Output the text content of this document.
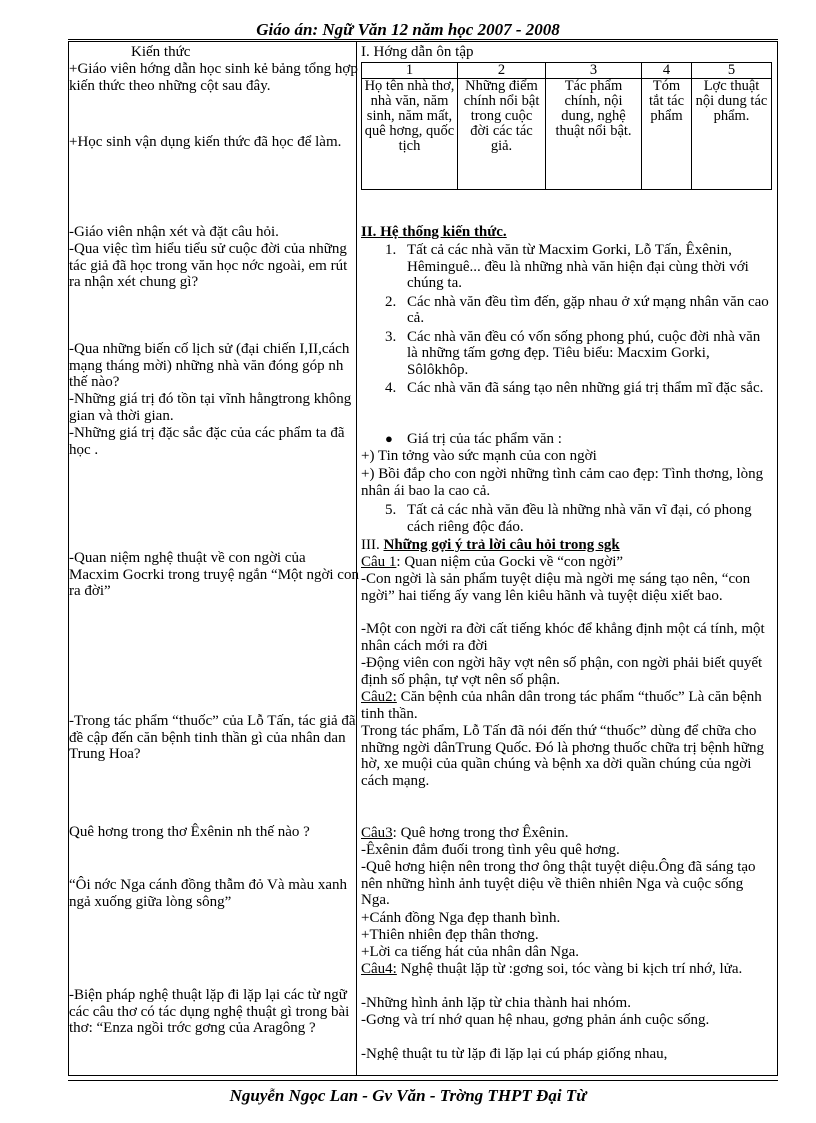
Giáo án: Ngữ Văn 12 năm học 2007 - 2008
Kiến thức
+Giáo viên hớng dẫn học sinh kẻ bảng tổng hợp kiến thức theo những cột sau đây.
+Học sinh vận dụng kiến thức đã học để làm.
-Giáo viên nhận xét và đặt câu hỏi.
-Qua việc tìm hiểu tiểu sử cuộc đời của những tác giả đã học trong văn học nớc ngoài, em rút ra nhận xét chung gì?
-Qua những biến cố lịch sử (đại chiến I,II,cách mạng tháng mời) những nhà văn đóng góp nh thế nào?
-Những giá trị đó tồn tại vĩnh hằngtrong không gian và thời gian.
-Những giá trị đặc sắc đặc của các phẩm ta đã học .
-Quan niệm nghệ thuật về con ngời của Macxim Gocrki trong truyệ ngắn “Một ngời con ra đời”
-Trong tác phẩm “thuốc” của Lỗ Tấn, tác giả đã đề cập đến căn bệnh tinh thần gì của nhân dan Trung Hoa?
Quê hơng trong thơ Êxênin nh thế nào ?
“Ôi nớc Nga cánh đồng thẫm đỏ Và màu xanh ngả xuống giữa lòng sông”
-Biện pháp nghệ thuật lặp đi lặp lại các từ ngữ các câu thơ có tác dụng nghệ thuật gì trong bài thơ: “Enza ngồi trớc gơng của Aragông ?
I. Hớng dẫn ôn tập
1	2	3	4	5
Họ tên nhà thơ, nhà văn, năm sinh, năm mất, quê hơng, quốc tịch	Những điểm chính nổi bật trong cuộc đời các tác giả.	Tác phẩm chính, nội dung, nghệ thuật nổi bật.	Tóm tắt tác phẩm	Lợc thuật nội dung tác phẩm.
II. Hệ thống kiến thức.
1. Tất cả các nhà văn từ Macxim Gorki, Lỗ Tấn, Êxênin, Hêminguê... đều là những nhà văn hiện đại cùng thời với chúng ta.
2. Các nhà văn đều tìm đến, gặp nhau ở xứ mạng nhân văn cao cả.
3. Các nhà văn đều có vốn sống phong phú, cuộc đời nhà văn là những tấm gơng đẹp. Tiêu biểu: Macxim Gorki, Sôlôkhôp.
4. Các nhà văn đã sáng tạo nên những giá trị thẩm mĩ đặc sắc.
● Giá trị của tác phẩm văn :
+) Tin tởng vào sức mạnh của con ngời
+) Bồi đắp cho con ngời những tình cảm cao đẹp: Tình thơng, lòng nhân ái bao la cao cả.
5. Tất cả các nhà văn đều là những nhà văn vĩ đại, có phong cách riêng độc đáo.
III. Những gợi ý trả lời câu hỏi trong sgk
Câu 1: Quan niệm của Gocki về “con ngời”
-Con ngời là sản phẩm tuyệt diệu mà ngời mẹ sáng tạo nên, “con ngời” hai tiếng ấy vang lên kiêu hãnh và tuyệt diệu xiết bao.
-Một con ngời ra đời cất tiếng khóc để khẳng định một cá tính, một nhân cách mới ra đời
-Động viên con ngời hãy vợt nên số phận, con ngời phải biết quyết định số phận, tự vợt nên số phận.
Câu2: Căn bệnh của nhân dân trong tác phẩm “thuốc” Là căn bệnh tinh thần.
Trong tác phẩm, Lỗ Tấn đã nói đến thứ “thuốc” dùng để chữa cho những ngời dânTrung Quốc. Đó là phơng thuốc chữa trị bệnh hững hờ, xe muội của quần chúng và bệnh xa dời quần chúng của ngời cách mạng.
Câu3: Quê hơng trong thơ Êxênin.
-Êxênin đắm đuối trong tình yêu quê hơng.
-Quê hơng hiện nên trong thơ ông thật tuyệt diệu.Ông đã sáng tạo nên những hình ảnh tuyệt diệu về thiên nhiên Nga và cuộc sống Nga.
+Cánh đồng Nga đẹp thanh bình.
+Thiên nhiên đẹp thân thơng.
+Lời ca tiếng hát của nhân dân Nga.
Câu4: Nghệ thuật lặp từ :gơng soi, tóc vàng bi kịch trí nhớ, lửa.
-Những hình ảnh lặp từ chia thành hai nhóm.
-Gơng và trí nhớ quan hệ nhau, gơng phản ánh cuộc sống.
-Nghệ thuật tu từ lặp đi lặp lại cú pháp giống nhau,
Nguyễn Ngọc Lan - Gv Văn - Trờng THPT Đại Từ
